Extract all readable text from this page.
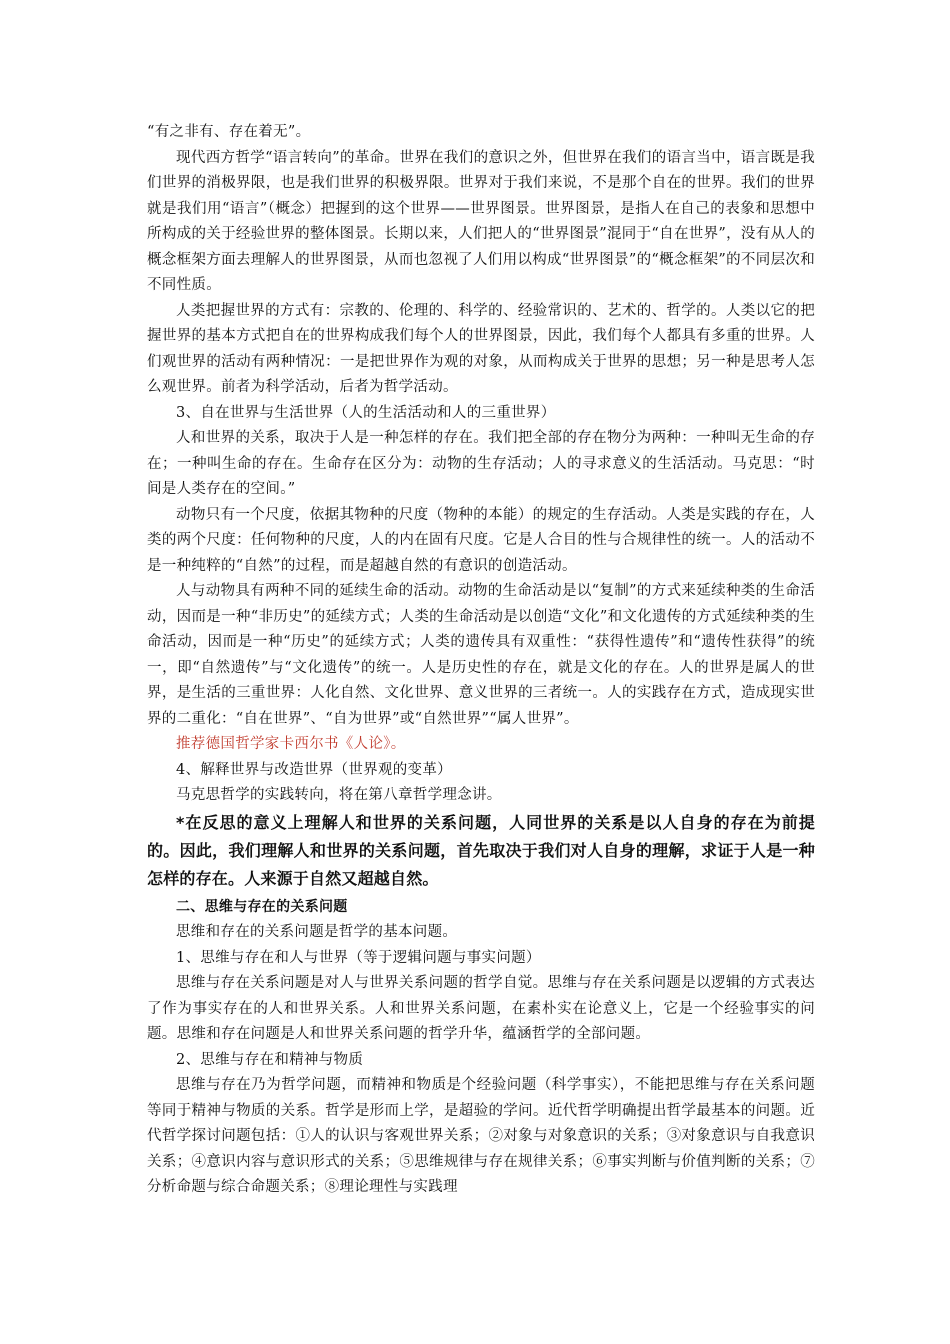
“有之非有、存在着无”。

现代西方哲学“语言转向”的革命。世界在我们的意识之外，但世界在我们的语言当中，语言既是我们世界的消极界限，也是我们世界的积极界限。世界对于我们来说，不是那个自在的世界。我们的世界就是我们用“语言”（概念）把握到的这个世界——世界图景。世界图景，是指人在自己的表象和思想中所构成的关于经验世界的整体图景。长期以来，人们把人的“世界图景”混同于“自在世界”，没有从人的概念框架方面去理解人的世界图景，从而也忽视了人们用以构成“世界图景”的“概念框架”的不同层次和不同性质。

人类把握世界的方式有：宗教的、伦理的、科学的、经验常识的、艺术的、哲学的。人类以它的把握世界的基本方式把自在的世界构成我们每个人的世界图景，因此，我们每个人都具有多重的世界。人们观世界的活动有两种情况：一是把世界作为观的对象，从而构成关于世界的思想；另一种是思考人怎么观世界。前者为科学活动，后者为哲学活动。

3、自在世界与生活世界（人的生活活动和人的三重世界）

人和世界的关系，取决于人是一种怎样的存在。我们把全部的存在物分为两种：一种叫无生命的存在；一种叫生命的存在。生命存在区分为：动物的生存活动；人的寻求意义的生活活动。马克思：“时间是人类存在的空间。”

动物只有一个尺度，依据其物种的尺度（物种的本能）的规定的生存活动。人类是实践的存在，人类的两个尺度：任何物种的尺度，人的内在固有尺度。它是人合目的性与合规律性的统一。人的活动不是一种纯粹的“自然”的过程，而是超越自然的有意识的创造活动。

人与动物具有两种不同的延续生命的活动。动物的生命活动是以“复制”的方式来延续种类的生命活动，因而是一种“非历史”的延续方式；人类的生命活动是以创造“文化”和文化遗传的方式延续种类的生命活动，因而是一种“历史”的延续方式；人类的遗传具有双重性：“获得性遗传”和“遗传性获得”的统一，即“自然遗传”与“文化遗传”的统一。人是历史性的存在，就是文化的存在。人的世界是属人的世界，是生活的三重世界：人化自然、文化世界、意义世界的三者统一。人的实践存在方式，造成现实世界的二重化：“自在世界”、“自为世界”或“自然世界”“属人世界”。

推荐德国哲学家卡西尔书《人论》。

4、解释世界与改造世界（世界观的变革）

马克思哲学的实践转向，将在第八章哲学理念讲。

*在反思的意义上理解人和世界的关系问题，人同世界的关系是以人自身的存在为前提的。因此，我们理解人和世界的关系问题，首先取决于我们对人自身的理解，求证于人是一种怎样的存在。人来源于自然又超越自然。

二、思维与存在的关系问题

思维和存在的关系问题是哲学的基本问题。

1、思维与存在和人与世界（等于逻辑问题与事实问题）

思维与存在关系问题是对人与世界关系问题的哲学自觉。思维与存在关系问题是以逻辑的方式表达了作为事实存在的人和世界关系。人和世界关系问题，在素朴实在论意义上，它是一个经验事实的问题。思维和存在问题是人和世界关系问题的哲学升华，蕴涵哲学的全部问题。

2、思维与存在和精神与物质

思维与存在乃为哲学问题，而精神和物质是个经验问题（科学事实），不能把思维与存在关系问题等同于精神与物质的关系。哲学是形而上学，是超验的学问。近代哲学明确提出哲学最基本的问题。近代哲学探讨问题包括：①人的认识与客观世界关系；②对象与对象意识的关系；③对象意识与自我意识关系；④意识内容与意识形式的关系；⑤思维规律与存在规律关系；⑥事实判断与价值判断的关系；⑦分析命题与综合命题关系；⑧理论理性与实践理
